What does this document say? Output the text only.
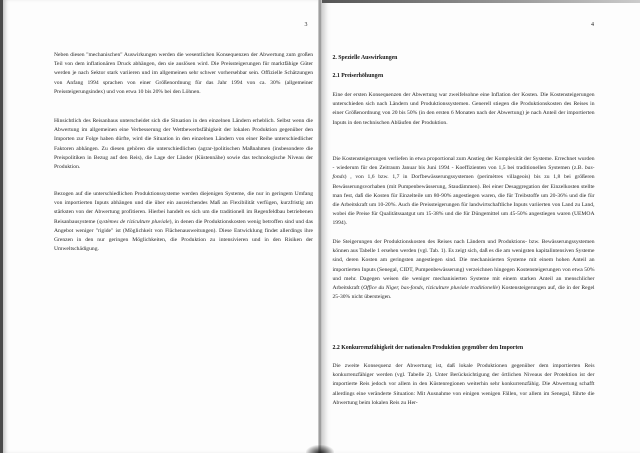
3

Neben diesen "mechanischen" Auswirkungen werden die wesentlichen Konsequenzen der Abwertung zum großen Teil von dem inflationären Druck abhängen, den sie auslösen wird. Die Preissteigerungen für marktfähige Güter werden je nach Sektor stark variieren und im allgemeinen sehr schwer vorhersehbar sein. Offizielle Schätzungen von Anfang 1994 sprachen von einer Größenordnung für das Jahr 1994 von ca. 30% (allgemeiner Preissteigerungsindex) und von etwa 10 bis 20% bei den Löhnen.

Hinsichtlich des Reisanbaus unterscheidet sich die Situation in den einzelnen Ländern erheblich. Selbst wenn die Abwertung im allgemeinen eine Verbesserung der Wettbewerbsfähigkeit der lokalen Produktion gegenüber den Importen zur Folge haben dürfte, wird die Situation in den einzelnen Ländern von einer Reihe unterschiedlicher Faktoren abhängen. Zu diesen gehören die unterschiedlichen (agrar-)politischen Maßnahmen (insbesondere die Preispolitiken in Bezug auf den Reis), die Lage der Länder (Küstennähe) sowie das technologische Niveau der Produktion.

Bezogen auf die unterschiedlichen Produktionssysteme werden diejenigen Systeme, die nur in geringem Umfang von importierten Inputs abhängen und die über ein ausreichendes Maß an Flexibilität verfügen, kurzfristig am stärksten von der Abwertung profitieren. Hierbei handelt es sich um die traditionell im Regenfeldbau betriebenen Reisanbausysteme (systèmes de riziculture pluviale), in denen die Produktionskosten wenig betroffen sind und das Angebot weniger "rigide" ist (Möglichkeit von Flächenausweitungen). Diese Entwicklung findet allerdings ihre Grenzen in den nur geringen Möglichkeiten, die Produktion zu intensivieren und in den Risiken der Umweltschädigung.

4
2. Spezielle Auswirkungen
2.1 Preiserhöhungen

Eine der ersten Konsequenzen der Abwertung war zweifelsohne eine Inflation der Kosten. Die Kostensteigerungen unterschieden sich nach Ländern und Produktionssystemen. Generell stiegen die Produktionskosten des Reises in einer Größenordnung von 20 bis 50% (in den ersten 6 Monaten nach der Abwertung) je nach Anteil der importierten Inputs in den technischen Abläufen der Produktion.

Die Kostensteigerungen verliefen in etwa proportional zum Anstieg der Komplexität der Systeme. Errechnet wurden - wiederum für den Zeitraum Januar bis Juni 1994 - Koeffizienten von 1,5 bei traditionellen Systemen (z.B. bas-fonds) , von 1,6 bzw. 1,7 in Dorfbewässerungssystemen (perimètres villageois) bis zu 1,8 bei größeren Bewässerungsvorhaben (mit Pumpenbewässerung, Staudämmen). Bei einer Desaggregation der Einzelkosten stellte man fest, daß die Kosten für Einzelteile um 80-90% angestiegen waren, die für Treibstoffe um 20-36% und die für die Arbeitskraft um 10-20%. Auch die Preissteigerungen für landwirtschaftliche Inputs variierten von Land zu Land, wobei die Preise für Qualitätssaatgut um 15-38% und die für Düngemittel um 45-50% angestiegen waren (UEMOA 1994).

Die Steigerungen der Produktionskosten des Reises nach Ländern und Produktions- bzw. Bewässerungssystemen können aus Tabelle 1 ersehen werden (vgl. Tab. 1). Es zeigt sich, daß es die am wenigsten kapitalintensiven Systeme sind, deren Kosten am geringsten angestiegen sind. Die mechanisierten Systeme mit einem hohen Anteil an importierten Inputs (Senegal, CIDT, Pumpenbewässerung) verzeichnen hingegen Kostensteigerungen von etwa 50% und mehr. Dagegen weisen die weniger mechanisierten Systeme mit einem starken Anteil an menschlicher Arbeitskraft (Office du Niger, bas-fonds, riziculture pluviale traditionelle) Kostensteigerungen auf, die in der Regel 25-30% nicht übersteigen.

2.2 Konkurrenzfähigkeit der nationalen Produktion gegenüber den Importen

Die zweite Konsequenz der Abwertung ist, daß lokale Produktionen gegenüber dem importierten Reis konkurrenzfähiger werden (vgl. Tabelle 2). Unter Berücksichtigung der örtlichen Niveaus der Protektion ist der importierte Reis jedoch vor allem in den Küstenregionen weiterhin sehr konkurrenzfähig. Die Abwertung schafft allerdings eine veränderte Situation: Mit Ausnahme von einigen wenigen Fällen, vor allem im Senegal, führte die Abwertung beim lokalen Reis zu Her-
